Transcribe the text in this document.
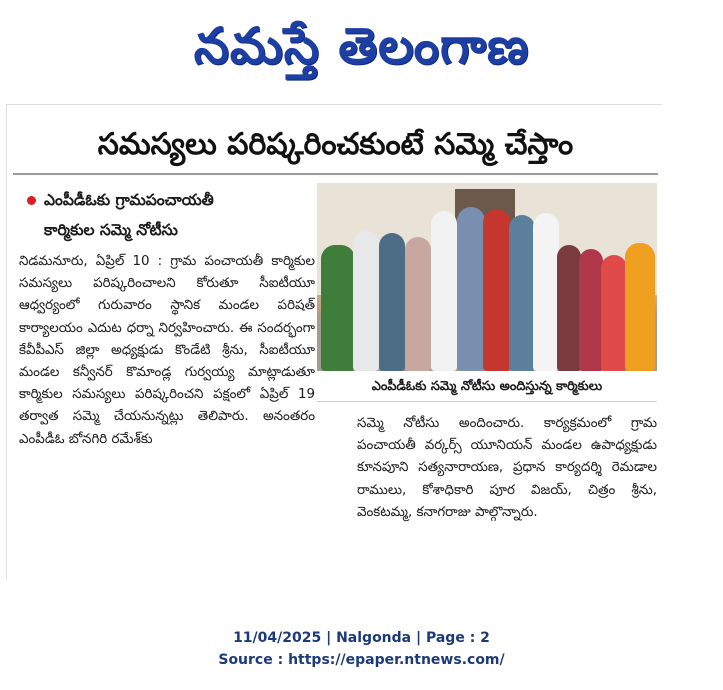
నమస్తే తెలంగాణ
సమస్యలు పరిష్కరించకుంటే సమ్మె చేస్తాం
ఎంపీడీఓకు గ్రామపంచాయతీ
కార్మికుల సమ్మె నోటీసు

నిడమనూరు, ఏప్రిల్ 10 : గ్రామ పంచాయతీ కార్మికుల సమస్యలు పరిష్కరించాలని కోరుతూ సీఐటీయూ ఆధ్వర్యంలో గురువారం స్థానిక మండల పరిషత్ కార్యాలయం ఎదుట ధర్నా నిర్వహించారు. ఈ సందర్భంగా కేవీపీఎస్ జిల్లా అధ్యక్షుడు కొండేటి శ్రీను, సీఐటీయూ మండల కన్వీనర్ కొమాండ్ల గుర్వయ్య మాట్లాడుతూ కార్మికుల సమస్యలు పరిష్కరించని పక్షంలో ఏప్రిల్ 19 తర్వాత సమ్మె చేయనున్నట్లు తెలిపారు. అనంతరం ఎంపీడీఓ బోనగిరి రమేశ్‌కు

ఎంపీడీఓకు సమ్మె నోటీసు అందిస్తున్న కార్మికులు

సమ్మె నోటీసు అందించారు. కార్యక్రమంలో గ్రామ పంచాయతీ వర్కర్స్ యూనియన్ మండల ఉపాధ్యక్షుడు కూనపూని సత్యనారాయణ, ప్రధాన కార్యదర్శి రెమడాల రాములు, కోశాధికారి పూర విజయ్, చిత్రం శ్రీను, వెంకటమ్మ, కనాగరాజు పాల్గొన్నారు.

11/04/2025 | Nalgonda | Page : 2
Source : https://epaper.ntnews.com/
